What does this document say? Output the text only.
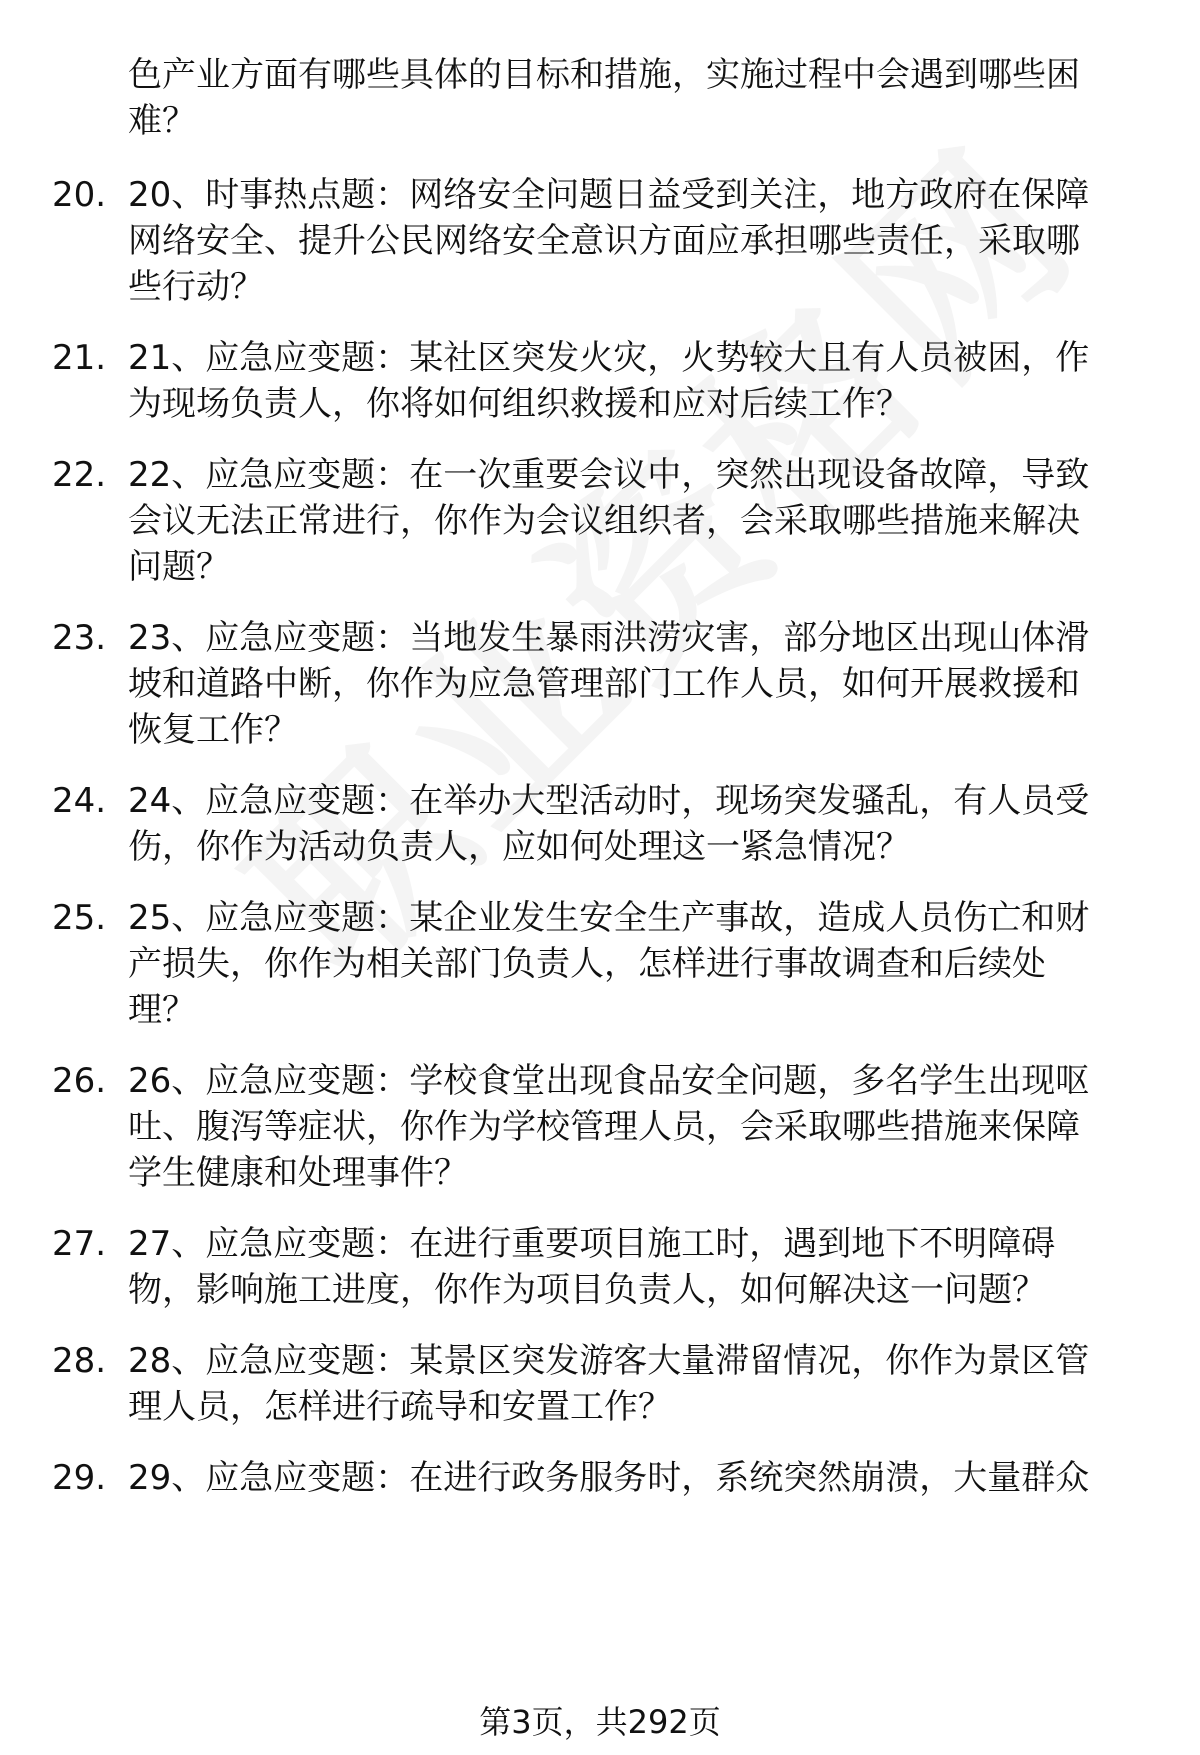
色产业方面有哪些具体的目标和措施，实施过程中会遇到哪些困
难？
20. 20、时事热点题：网络安全问题日益受到关注，地方政府在保障
网络安全、提升公民网络安全意识方面应承担哪些责任，采取哪
些行动？
21. 21、应急应变题：某社区突发火灾，火势较大且有人员被困，作
为现场负责人，你将如何组织救援和应对后续工作？
22. 22、应急应变题：在一次重要会议中，突然出现设备故障，导致
会议无法正常进行，你作为会议组织者，会采取哪些措施来解决
问题？
23. 23、应急应变题：当地发生暴雨洪涝灾害，部分地区出现山体滑
坡和道路中断，你作为应急管理部门工作人员，如何开展救援和
恢复工作？
24. 24、应急应变题：在举办大型活动时，现场突发骚乱，有人员受
伤，你作为活动负责人，应如何处理这一紧急情况？
25. 25、应急应变题：某企业发生安全生产事故，造成人员伤亡和财
产损失，你作为相关部门负责人，怎样进行事故调查和后续处
理？
26. 26、应急应变题：学校食堂出现食品安全问题，多名学生出现呕
吐、腹泻等症状，你作为学校管理人员，会采取哪些措施来保障
学生健康和处理事件？
27. 27、应急应变题：在进行重要项目施工时，遇到地下不明障碍
物，影响施工进度，你作为项目负责人，如何解决这一问题？
28. 28、应急应变题：某景区突发游客大量滞留情况，你作为景区管
理人员，怎样进行疏导和安置工作？
29. 29、应急应变题：在进行政务服务时，系统突然崩溃，大量群众
第3页，共292页
